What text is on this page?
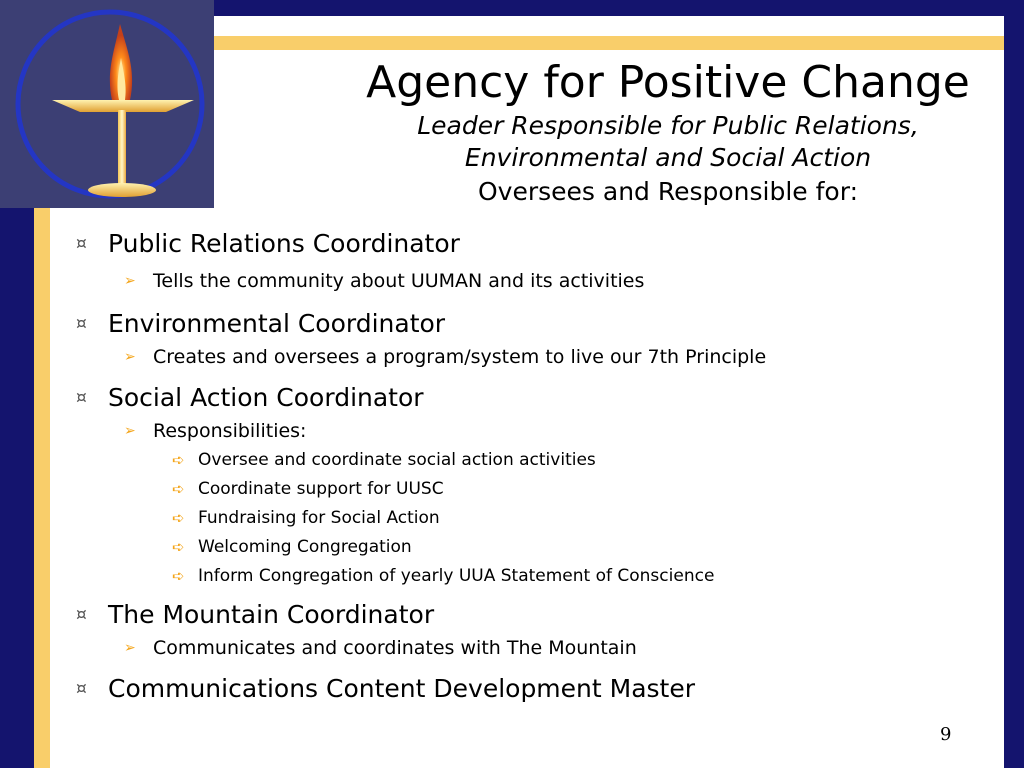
Agency for Positive Change
Leader Responsible for Public Relations,
Environmental and Social Action
Oversees and Responsible for:
¤ Public Relations Coordinator
➢ Tells the community about UUMAN and its activities
¤ Environmental Coordinator
➢ Creates and oversees a program/system to live our 7th Principle
¤ Social Action Coordinator
➢ Responsibilities:
➪ Oversee and coordinate social action activities
➪ Coordinate support for UUSC
➪ Fundraising for Social Action
➪ Welcoming Congregation
➪ Inform Congregation of yearly UUA Statement of Conscience
¤ The Mountain Coordinator
➢ Communicates and coordinates with The Mountain
¤ Communications Content Development Master
9
